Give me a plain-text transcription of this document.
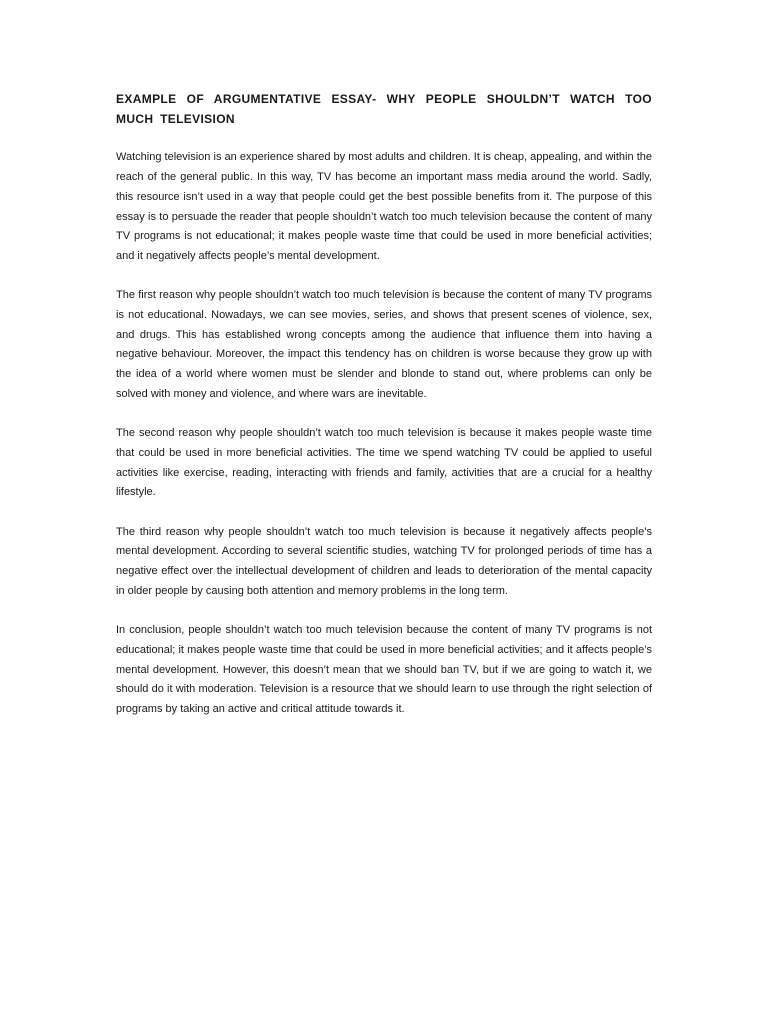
EXAMPLE OF ARGUMENTATIVE ESSAY- WHY PEOPLE SHOULDN’T WATCH TOO MUCH TELEVISION

Watching television is an experience shared by most adults and children. It is cheap, appealing, and within the reach of the general public. In this way, TV has become an important mass media around the world. Sadly, this resource isn’t used in a way that people could get the best possible benefits from it. The purpose of this essay is to persuade the reader that people shouldn’t watch too much television because the content of many TV programs is not educational; it makes people waste time that could be used in more beneficial activities; and it negatively affects people’s mental development.

The first reason why people shouldn’t watch too much television is because the content of many TV programs is not educational. Nowadays, we can see movies, series, and shows that present scenes of violence, sex, and drugs. This has established wrong concepts among the audience that influence them into having a negative behaviour. Moreover, the impact this tendency has on children is worse because they grow up with the idea of a world where women must be slender and blonde to stand out, where problems can only be solved with money and violence, and where wars are inevitable.

The second reason why people shouldn’t watch too much television is because it makes people waste time that could be used in more beneficial activities. The time we spend watching TV could be applied to useful activities like exercise, reading, interacting with friends and family, activities that are a crucial for a healthy lifestyle.

The third reason why people shouldn’t watch too much television is because it negatively affects people’s mental development. According to several scientific studies, watching TV for prolonged periods of time has a negative effect over the intellectual development of children and leads to deterioration of the mental capacity in older people by causing both attention and memory problems in the long term.

In conclusion, people shouldn’t watch too much television because the content of many TV programs is not educational; it makes people waste time that could be used in more beneficial activities; and it affects people’s mental development. However, this doesn’t mean that we should ban TV, but if we are going to watch it, we should do it with moderation. Television is a resource that we should learn to use through the right selection of programs by taking an active and critical attitude towards it.
